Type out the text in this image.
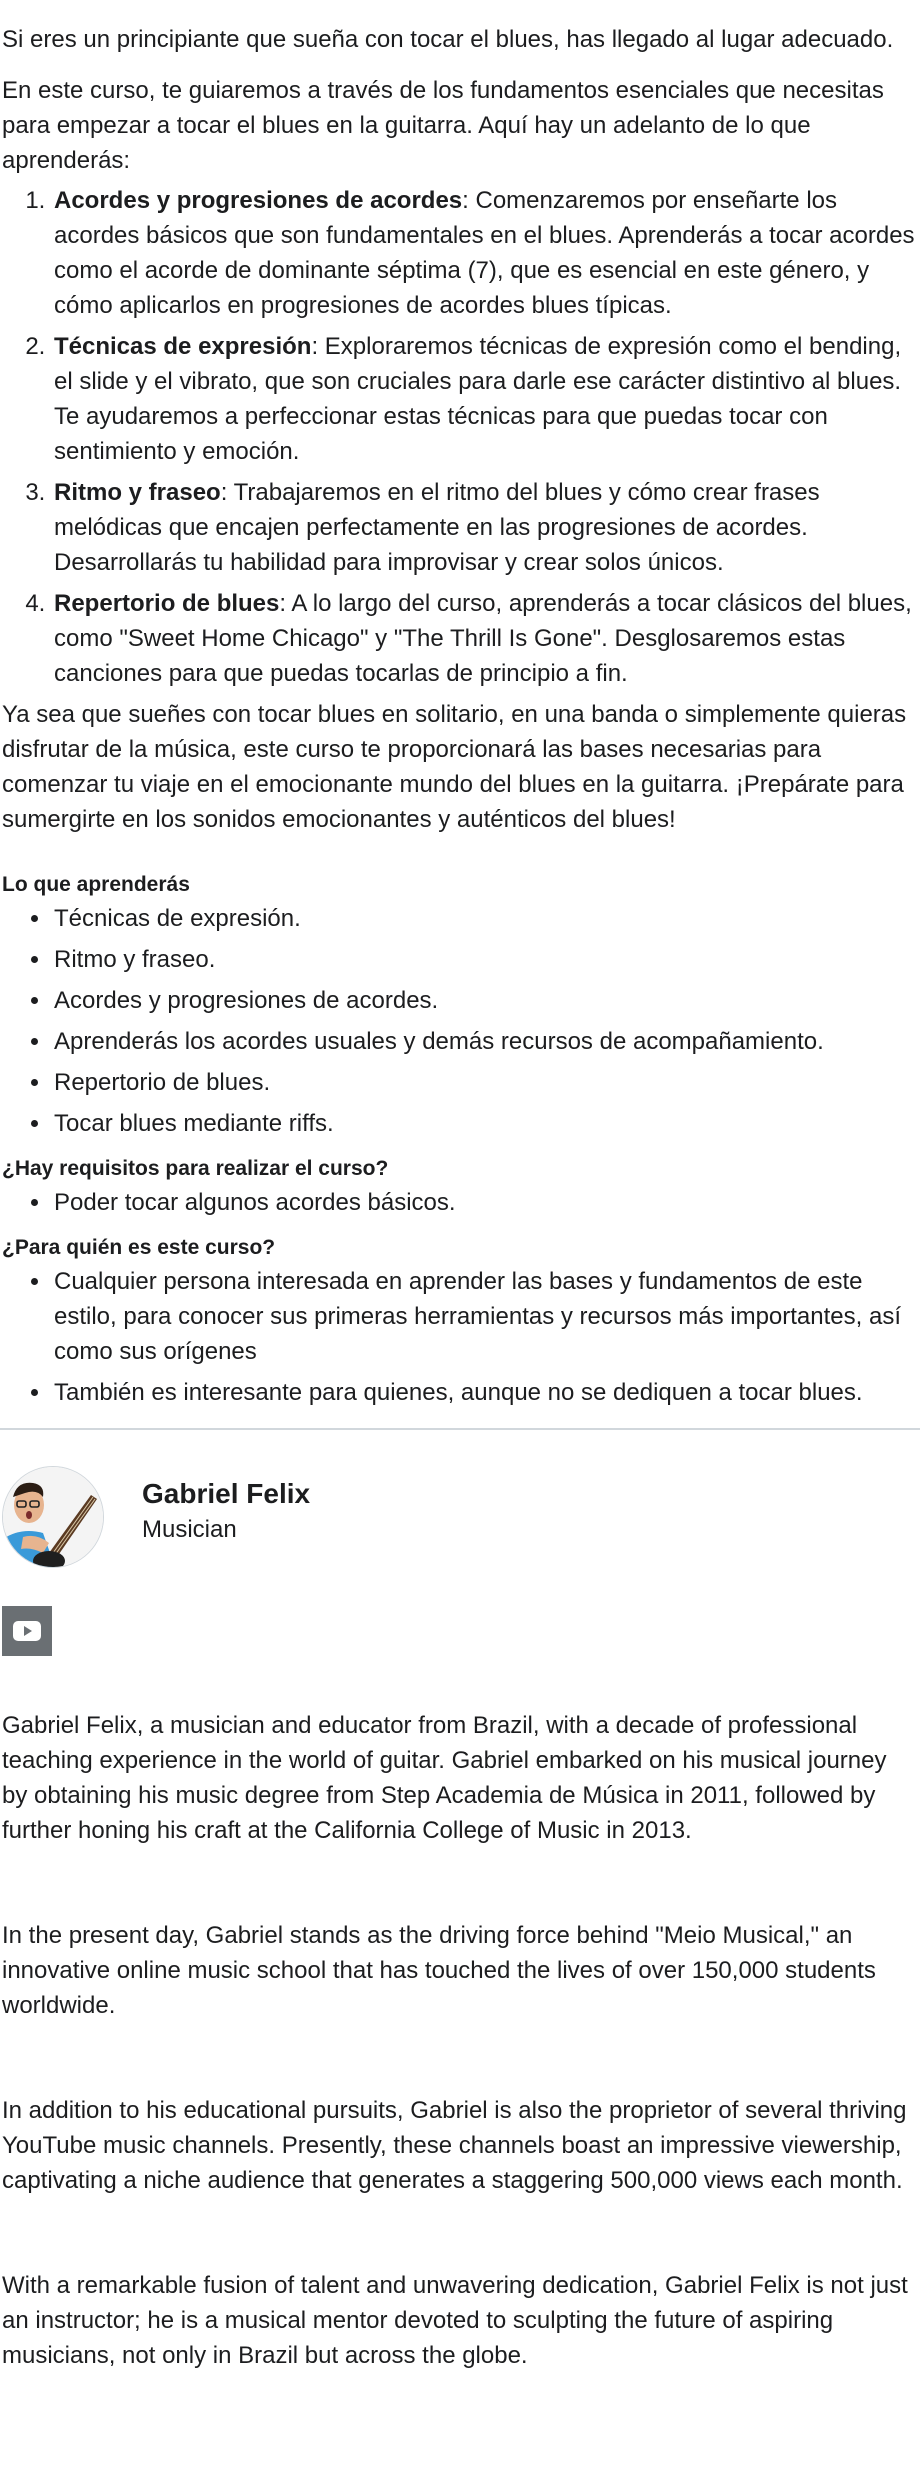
Si eres un principiante que sueña con tocar el blues, has llegado al lugar adecuado.

En este curso, te guiaremos a través de los fundamentos esenciales que necesitas para empezar a tocar el blues en la guitarra. Aquí hay un adelanto de lo que aprenderás:

1. Acordes y progresiones de acordes: Comenzaremos por enseñarte los acordes básicos que son fundamentales en el blues. Aprenderás a tocar acordes como el acorde de dominante séptima (7), que es esencial en este género, y cómo aplicarlos en progresiones de acordes blues típicas.
2. Técnicas de expresión: Exploraremos técnicas de expresión como el bending, el slide y el vibrato, que son cruciales para darle ese carácter distintivo al blues. Te ayudaremos a perfeccionar estas técnicas para que puedas tocar con sentimiento y emoción.
3. Ritmo y fraseo: Trabajaremos en el ritmo del blues y cómo crear frases melódicas que encajen perfectamente en las progresiones de acordes. Desarrollarás tu habilidad para improvisar y crear solos únicos.
4. Repertorio de blues: A lo largo del curso, aprenderás a tocar clásicos del blues, como "Sweet Home Chicago" y "The Thrill Is Gone". Desglosaremos estas canciones para que puedas tocarlas de principio a fin.

Ya sea que sueñes con tocar blues en solitario, en una banda o simplemente quieras disfrutar de la música, este curso te proporcionará las bases necesarias para comenzar tu viaje en el emocionante mundo del blues en la guitarra. ¡Prepárate para sumergirte en los sonidos emocionantes y auténticos del blues!

Lo que aprenderás
• Técnicas de expresión.
• Ritmo y fraseo.
• Acordes y progresiones de acordes.
• Aprenderás los acordes usuales y demás recursos de acompañamiento.
• Repertorio de blues.
• Tocar blues mediante riffs.
¿Hay requisitos para realizar el curso?
• Poder tocar algunos acordes básicos.
¿Para quién es este curso?
• Cualquier persona interesada en aprender las bases y fundamentos de este estilo, para conocer sus primeras herramientas y recursos más importantes, así como sus orígenes
• También es interesante para quienes, aunque no se dediquen a tocar blues.

Gabriel Felix

Musician

Gabriel Felix, a musician and educator from Brazil, with a decade of professional teaching experience in the world of guitar. Gabriel embarked on his musical journey by obtaining his music degree from Step Academia de Música in 2011, followed by further honing his craft at the California College of Music in 2013.

In the present day, Gabriel stands as the driving force behind "Meio Musical," an innovative online music school that has touched the lives of over 150,000 students worldwide.

In addition to his educational pursuits, Gabriel is also the proprietor of several thriving YouTube music channels. Presently, these channels boast an impressive viewership, captivating a niche audience that generates a staggering 500,000 views each month.

With a remarkable fusion of talent and unwavering dedication, Gabriel Felix is not just an instructor; he is a musical mentor devoted to sculpting the future of aspiring musicians, not only in Brazil but across the globe.
